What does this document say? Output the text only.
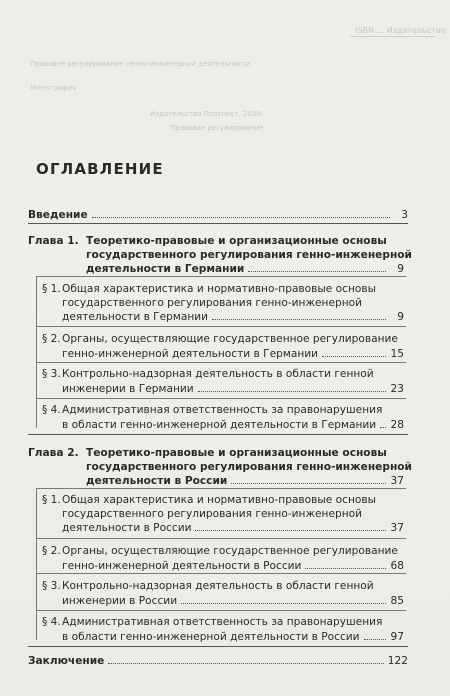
ISBN ... Издательство
Правовое регулирование генно-инженерной деятельности
Монография
Издательство Проспект, 2020
Правовое регулирование
ОГЛАВЛЕНИЕ
Введение	3
Глава 1. Теоретико-правовые и организационные основы
государственного регулирования генно-инженерной
деятельности в Германии	9
§ 1. Общая характеристика и нормативно-правовые основы
государственного регулирования генно-инженерной
деятельности в Германии	9
§ 2. Органы, осуществляющие государственное регулирование
генно-инженерной деятельности в Германии	15
§ 3. Контрольно-надзорная деятельность в области генной
инженерии в Германии	23
§ 4. Административная ответственность за правонарушения
в области генно-инженерной деятельности в Германии 28
Глава 2. Теоретико-правовые и организационные основы
государственного регулирования генно-инженерной
деятельности в России	37
§ 1. Общая характеристика и нормативно-правовые основы
государственного регулирования генно-инженерной
деятельности в России	37
§ 2. Органы, осуществляющие государственное регулирование
генно-инженерной деятельности в России	68
§ 3. Контрольно-надзорная деятельность в области генной
инженерии в России	85
§ 4. Административная ответственность за правонарушения
в области генно-инженерной деятельности в России	97
Заключение	122
